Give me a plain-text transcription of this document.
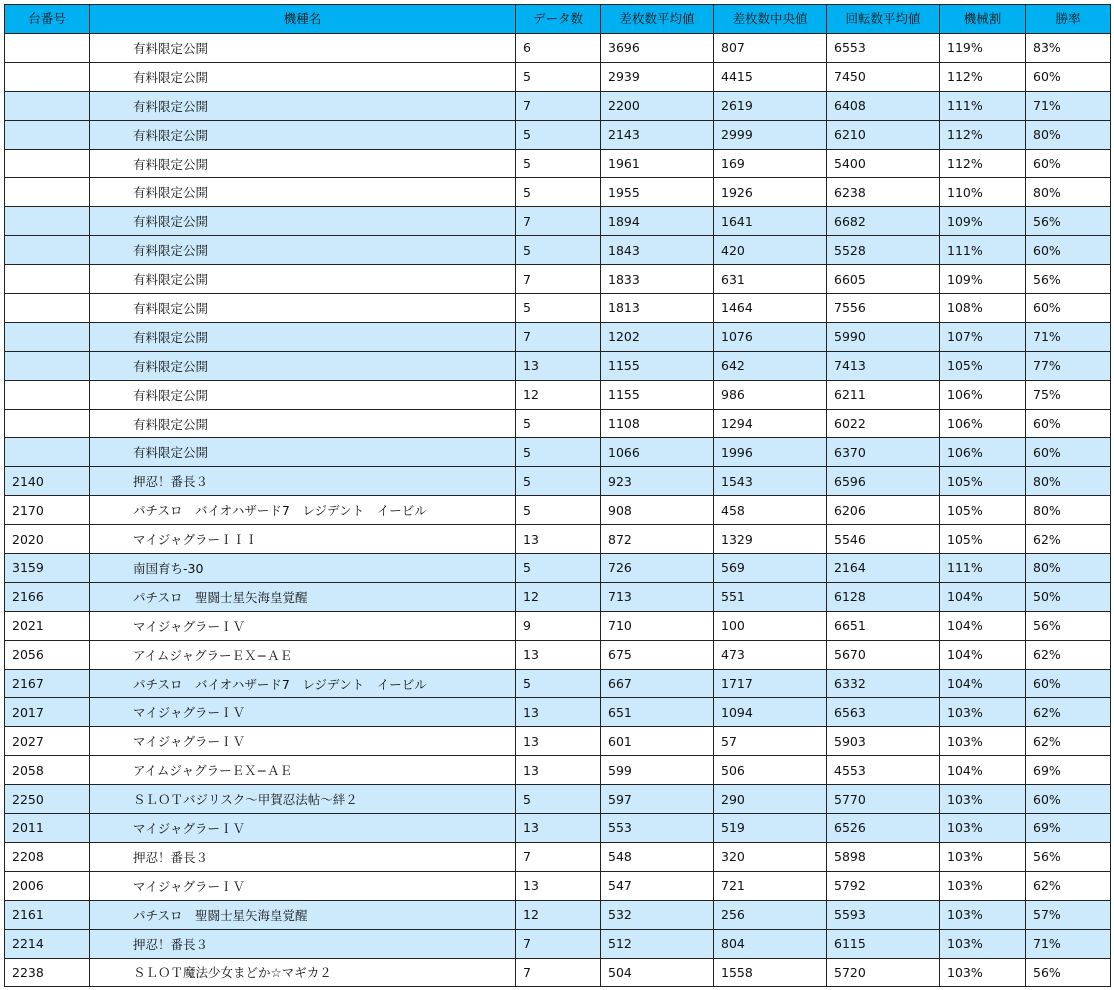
台番号	機種名	データ数	差枚数平均値	差枚数中央値	回転数平均値	機械割	勝率
	有料限定公開	6	3696	807	6553	119%	83%
	有料限定公開	5	2939	4415	7450	112%	60%
	有料限定公開	7	2200	2619	6408	111%	71%
	有料限定公開	5	2143	2999	6210	112%	80%
	有料限定公開	5	1961	169	5400	112%	60%
	有料限定公開	5	1955	1926	6238	110%	80%
	有料限定公開	7	1894	1641	6682	109%	56%
	有料限定公開	5	1843	420	5528	111%	60%
	有料限定公開	7	1833	631	6605	109%	56%
	有料限定公開	5	1813	1464	7556	108%	60%
	有料限定公開	7	1202	1076	5990	107%	71%
	有料限定公開	13	1155	642	7413	105%	77%
	有料限定公開	12	1155	986	6211	106%	75%
	有料限定公開	5	1108	1294	6022	106%	60%
	有料限定公開	5	1066	1996	6370	106%	60%
2140	押忍！番長３	5	923	1543	6596	105%	80%
2170	パチスロ　バイオハザード7　レジデント　イービル	5	908	458	6206	105%	80%
2020	マイジャグラーＩＩＩ	13	872	1329	5546	105%	62%
3159	南国育ち-30	5	726	569	2164	111%	80%
2166	パチスロ　聖闘士星矢海皇覚醒	12	713	551	6128	104%	50%
2021	マイジャグラーＩＶ	9	710	100	6651	104%	56%
2056	アイムジャグラーＥＸ−ＡＥ	13	675	473	5670	104%	62%
2167	パチスロ　バイオハザード7　レジデント　イービル	5	667	1717	6332	104%	60%
2017	マイジャグラーＩＶ	13	651	1094	6563	103%	62%
2027	マイジャグラーＩＶ	13	601	57	5903	103%	62%
2058	アイムジャグラーＥＸ−ＡＥ	13	599	506	4553	104%	69%
2250	ＳＬＯＴバジリスク〜甲賀忍法帖〜絆２	5	597	290	5770	103%	60%
2011	マイジャグラーＩＶ	13	553	519	6526	103%	69%
2208	押忍！番長３	7	548	320	5898	103%	56%
2006	マイジャグラーＩＶ	13	547	721	5792	103%	62%
2161	パチスロ　聖闘士星矢海皇覚醒	12	532	256	5593	103%	57%
2214	押忍！番長３	7	512	804	6115	103%	71%
2238	ＳＬＯＴ魔法少女まどか☆マギカ２	7	504	1558	5720	103%	56%
